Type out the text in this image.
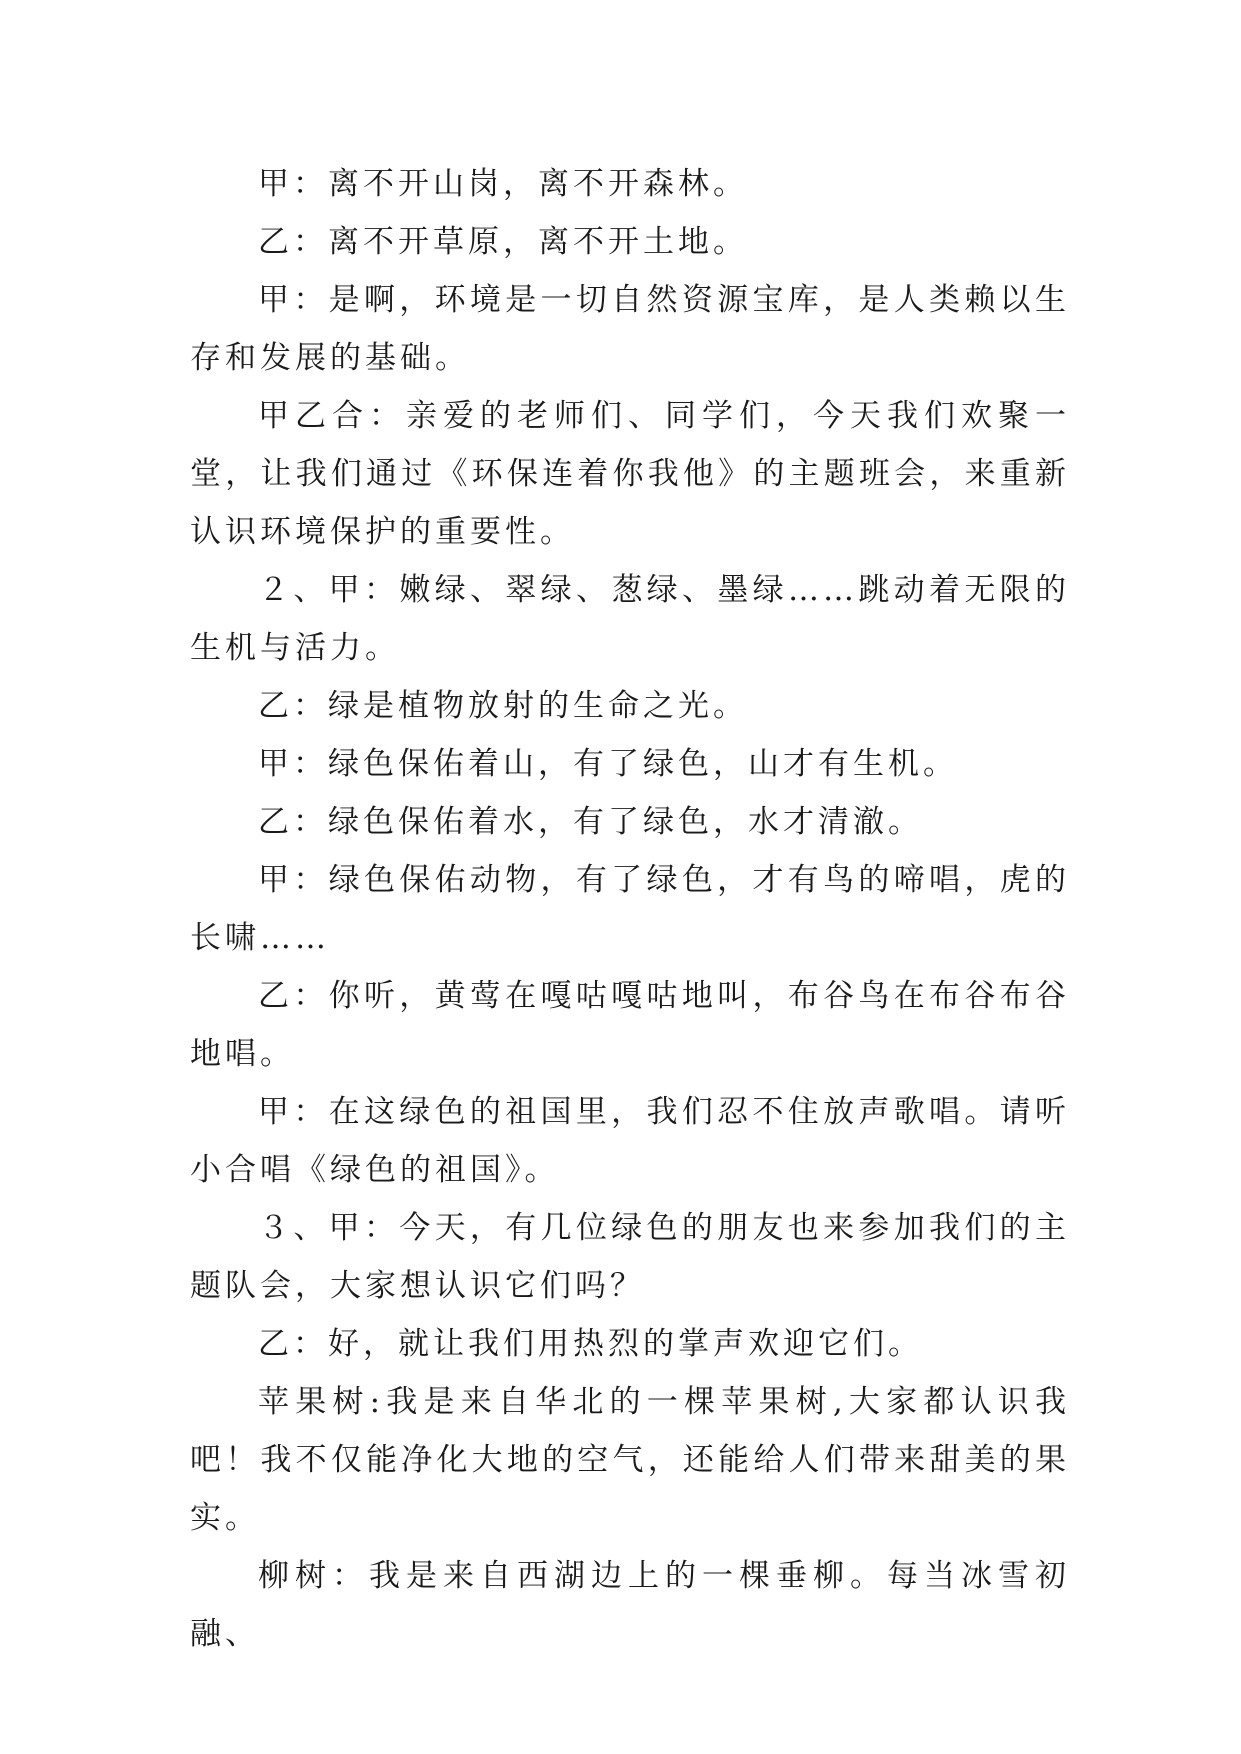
甲：离不开山岗，离不开森林。

乙：离不开草原，离不开土地。

甲：是啊，环境是一切自然资源宝库，是人类赖以生存和发展的基础。

甲乙合：亲爱的老师们、同学们，今天我们欢聚一堂，让我们通过《环保连着你我他》的主题班会，来重新认识环境保护的重要性。

２、甲：嫩绿、翠绿、葱绿、墨绿……跳动着无限的生机与活力。

乙：绿是植物放射的生命之光。

甲：绿色保佑着山，有了绿色，山才有生机。

乙：绿色保佑着水，有了绿色，水才清澈。

甲：绿色保佑动物，有了绿色，才有鸟的啼唱，虎的长啸……

乙：你听，黄莺在嘎咕嘎咕地叫，布谷鸟在布谷布谷地唱。

甲：在这绿色的祖国里，我们忍不住放声歌唱。请听小合唱《绿色的祖国》。

３、甲：今天，有几位绿色的朋友也来参加我们的主题队会，大家想认识它们吗？

乙：好，就让我们用热烈的掌声欢迎它们。

苹果树:我是来自华北的一棵苹果树,大家都认识我吧！我不仅能净化大地的空气，还能给人们带来甜美的果实。

柳树：我是来自西湖边上的一棵垂柳。每当冰雪初融、
